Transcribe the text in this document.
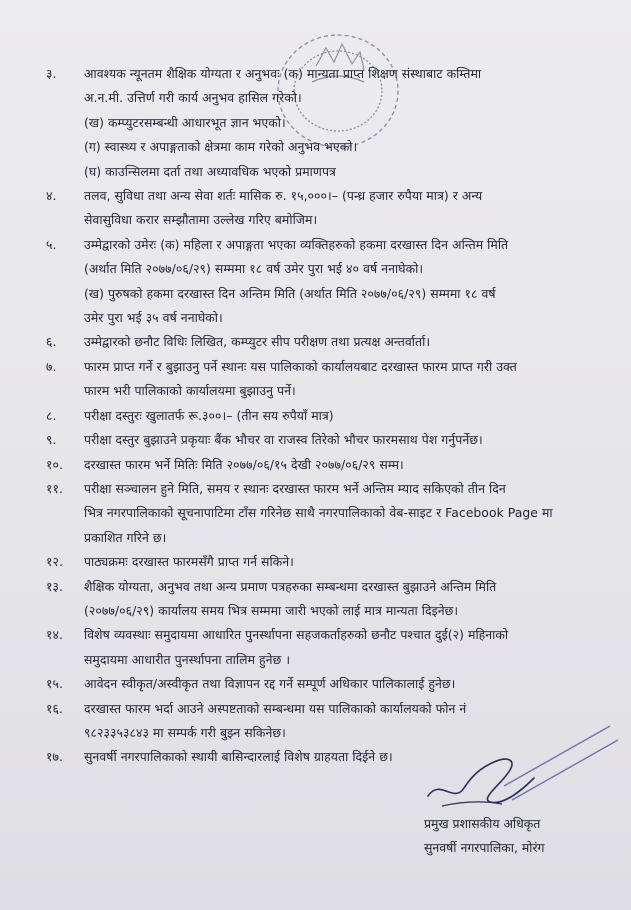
३. आवश्यक न्यूनतम शैक्षिक योग्यता र अनुभवः (क) मान्यता प्राप्त शिक्षण संस्थाबाट कम्तिमा
अ.न.मी. उत्तिर्ण गरी कार्य अनुभव हासिल गरेको।
(ख) कम्प्युटरसम्बन्धी आधारभूत ज्ञान भएको।
(ग) स्वास्थ्य र अपाङ्गताको क्षेत्रमा काम गरेको अनुभव भएको।
(घ) काउन्सिलमा दर्ता तथा अध्यावधिक भएको प्रमाणपत्र
४. तलव, सुविधा तथा अन्य सेवा शर्तः मासिक रु. १५,०००।– (पन्ध्र हजार रुपैया मात्र) र अन्य
सेवासुविधा करार सम्झौतामा उल्लेख गरिए बमोजिम।
५. उम्मेद्वारको उमेरः (क) महिला र अपाङ्गता भएका व्यक्तिहरुको हकमा दरखास्त दिन अन्तिम मिति
(अर्थात मिति २०७७/०६/२९) सम्ममा १८ वर्ष उमेर पुरा भई ४० वर्ष ननाघेको।
(ख) पुरुषको हकमा दरखास्त दिन अन्तिम मिति (अर्थात मिति २०७७/०६/२९) सम्ममा १८ वर्ष
उमेर पुरा भई ३५ वर्ष ननाघेको।
६. उम्मेद्वारको छनौट विधिः लिखित, कम्प्युटर सीप परीक्षण तथा प्रत्यक्ष अन्तर्वार्ता।
७. फारम प्राप्त गर्ने र बुझाउनु पर्ने स्थानः यस पालिकाको कार्यालयबाट दरखास्त फारम प्राप्त गरी उक्त
फारम भरी पालिकाको कार्यालयमा बुझाउनु पर्ने।
८. परीक्षा दस्तुरः खुलातर्फ रू.३००।– (तीन सय रुपैयाँ मात्र)
९. परीक्षा दस्तुर बुझाउने प्रकृयाः बैंक भौचर वा राजस्व तिरेको भौचर फारमसाथ पेश गर्नुपर्नेछ।
१०. दरखास्त फारम भर्ने मितिः मिति २०७७/०६/१५ देखी २०७७/०६/२९ सम्म।
११. परीक्षा सञ्चालन हुने मिति, समय र स्थानः दरखास्त फारम भर्ने अन्तिम म्याद सकिएको तीन दिन
भित्र नगरपालिकाको सूचनापाटिमा टाँस गरिनेछ साथै नगरपालिकाको वेब-साइट र Facebook Page मा
प्रकाशित गरिने छ।
१२. पाठ्यक्रमः दरखास्त फारमसँगै प्राप्त गर्न सकिने।
१३. शैक्षिक योग्यता, अनुभव तथा अन्य प्रमाण पत्रहरुका सम्बन्धमा दरखास्त बुझाउने अन्तिम मिति
(२०७७/०६/२९) कार्यालय समय भित्र सम्ममा जारी भएको लाई मात्र मान्यता दिइनेछ।
१४. विशेष व्यवस्थाः समुदायमा आधारित पुनर्स्थापना सहजकर्ताहरुको छनौट पश्चात दुई(२) महिनाको
समुदायमा आधारीत पुनर्स्थापना तालिम हुनेछ ।
१५. आवेदन स्वीकृत/अस्वीकृत तथा विज्ञापन रद्द गर्ने सम्पूर्ण अधिकार पालिकालाई हुनेछ।
१६. दरखास्त फारम भर्दा आउने अस्पष्टताको सम्बन्धमा यस पालिकाको कार्यालयको फोन नं
९८२३३५३८४३ मा सम्पर्क गरी बुझ्न सकिनेछ।
१७. सुनवर्षी नगरपालिकाको स्थायी बासिन्दारलाई विशेष ग्राहयता दिईने छ।
प्रमुख प्रशासकीय अधिकृत
सुनवर्षी नगरपालिका, मोरंग
